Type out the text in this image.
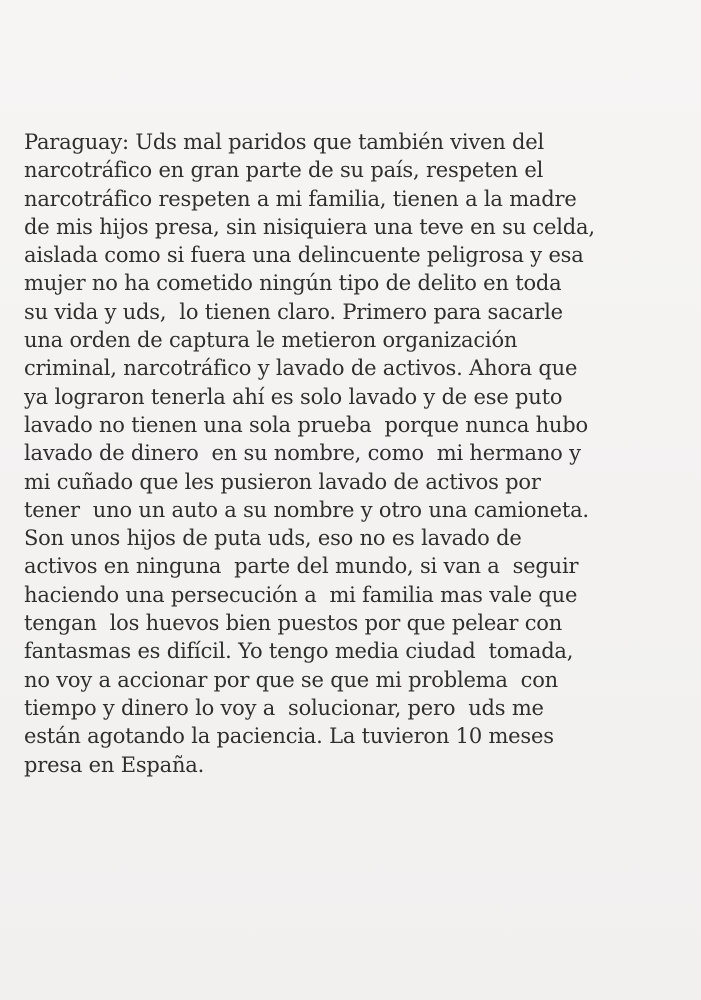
Paraguay: Uds mal paridos que también viven del
narcotráfico en gran parte de su país, respeten el
narcotráfico respeten a mi familia, tienen a la madre
de mis hijos presa, sin nisiquiera una teve en su celda,
aislada como si fuera una delincuente peligrosa y esa
mujer no ha cometido ningún tipo de delito en toda
su vida y uds,  lo tienen claro. Primero para sacarle
una orden de captura le metieron organización
criminal, narcotráfico y lavado de activos. Ahora que
ya lograron tenerla ahí es solo lavado y de ese puto
lavado no tienen una sola prueba  porque nunca hubo
lavado de dinero  en su nombre, como  mi hermano y
mi cuñado que les pusieron lavado de activos por
tener  uno un auto a su nombre y otro una camioneta.
Son unos hijos de puta uds, eso no es lavado de
activos en ninguna  parte del mundo, si van a  seguir
haciendo una persecución a  mi familia mas vale que
tengan  los huevos bien puestos por que pelear con
fantasmas es difícil. Yo tengo media ciudad  tomada,
no voy a accionar por que se que mi problema  con
tiempo y dinero lo voy a  solucionar, pero  uds me
están agotando la paciencia. La tuvieron 10 meses
presa en España.
